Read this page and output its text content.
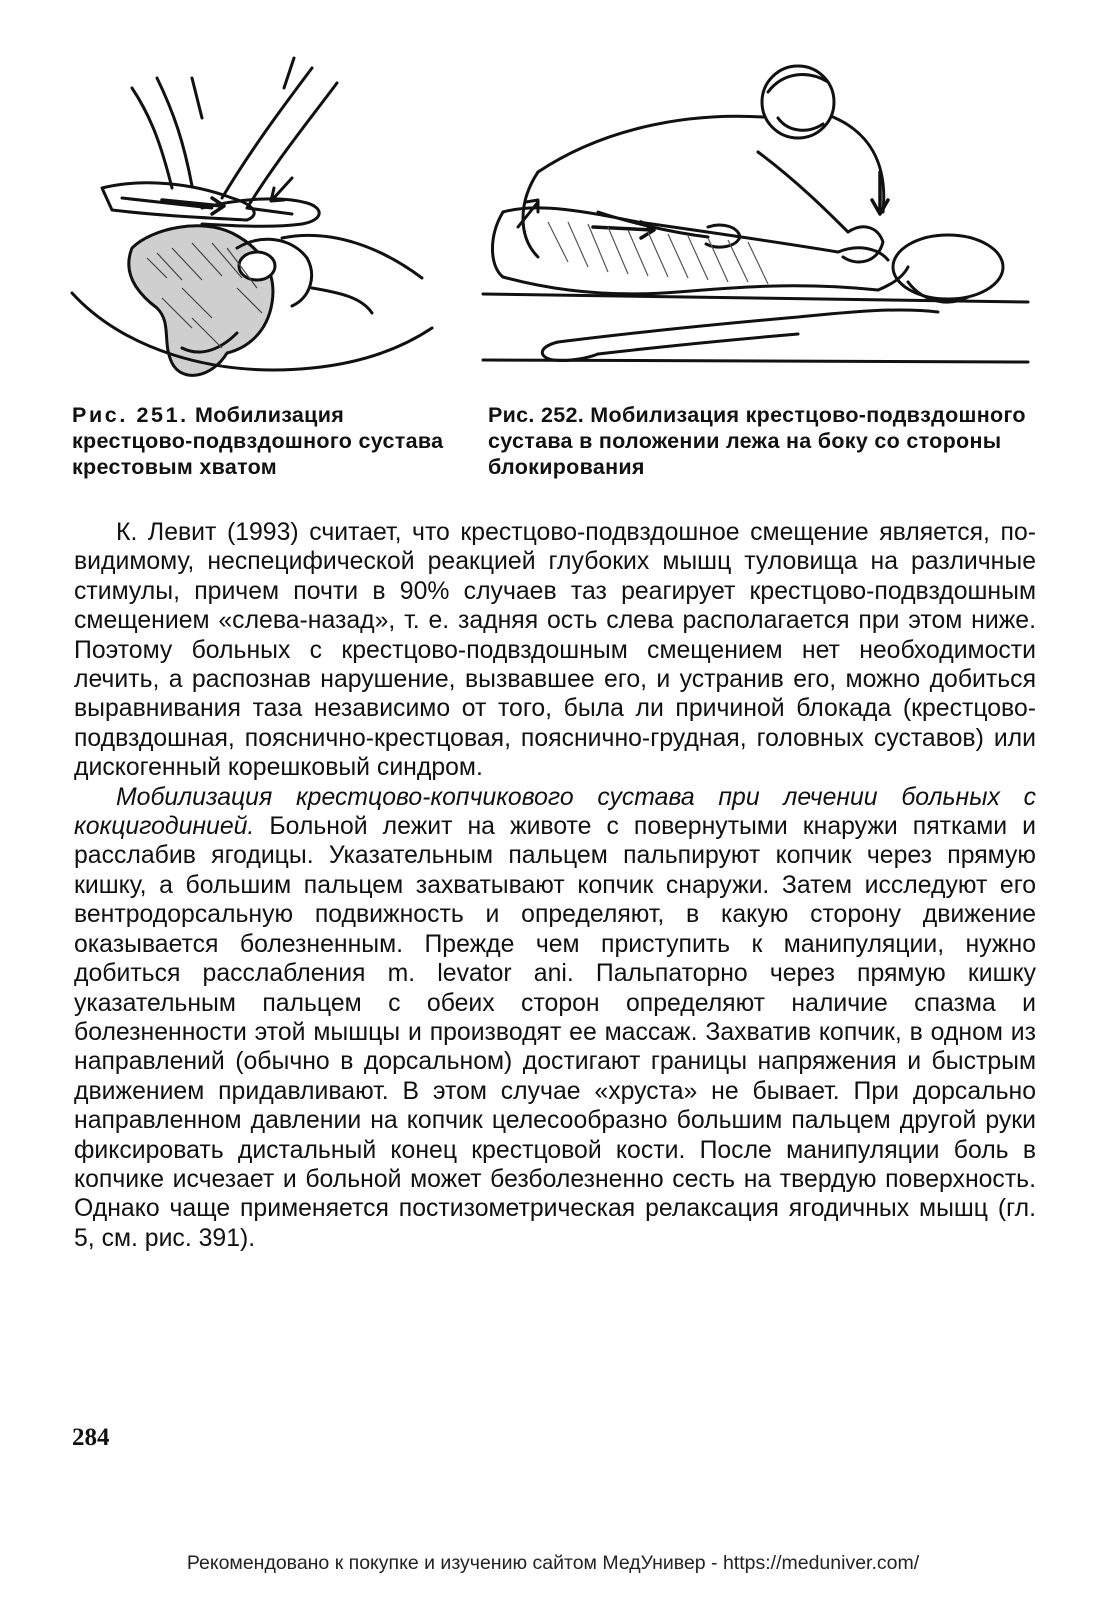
Рис. 251. Мобилизация крестцово-подвздошного сустава крестовым хватом
Рис. 252. Мобилизация крестцово-подвздошного сустава в положении лежа на боку со стороны блокирования

К. Левит (1993) считает, что крестцово-подвздошное смещение является, по-видимому, неспецифической реакцией глубоких мышц туловища на различные стимулы, причем почти в 90% случаев таз реагирует крестцово-подвздошным смещением «слева-назад», т. е. задняя ость слева располагается при этом ниже. Поэтому больных с крестцово-подвздошным смещением нет необходимости лечить, а распознав нарушение, вызвавшее его, и устранив его, можно добиться выравнивания таза независимо от того, была ли причиной блокада (крестцово-подвздошная, пояснично-крестцовая, пояснично-грудная, головных суставов) или дискогенный корешковый синдром.

Мобилизация крестцово-копчикового сустава при лечении больных с кокцигодинией. Больной лежит на животе с повернутыми кнаружи пятками и расслабив ягодицы. Указательным пальцем пальпируют копчик через прямую кишку, а большим пальцем захватывают копчик снаружи. Затем исследуют его вентродорсальную подвижность и определяют, в какую сторону движение оказывается болезненным. Прежде чем приступить к манипуляции, нужно добиться расслабления m. levator ani. Пальпаторно через прямую кишку указательным пальцем с обеих сторон определяют наличие спазма и болезненности этой мышцы и производят ее массаж. Захватив копчик, в одном из направлений (обычно в дорсальном) достигают границы напряжения и быстрым движением придавливают. В этом случае «хруста» не бывает. При дорсально направленном давлении на копчик целесообразно большим пальцем другой руки фиксировать дистальный конец крестцовой кости. После манипуляции боль в копчике исчезает и больной может безболезненно сесть на твердую поверхность. Однако чаще применяется постизометрическая релаксация ягодичных мышц (гл. 5, см. рис. 391).

284
Рекомендовано к покупке и изучению сайтом МедУнивер - https://meduniver.com/
